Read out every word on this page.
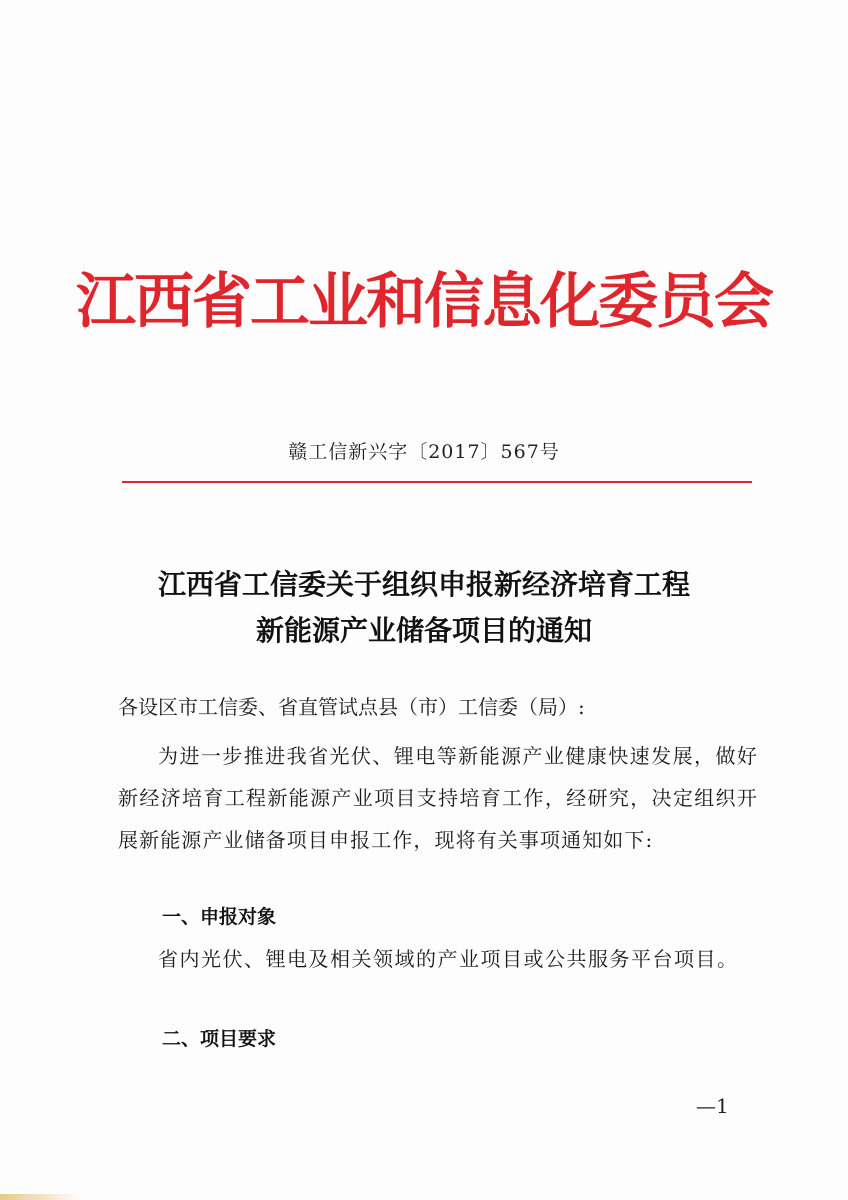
江西省工业和信息化委员会
赣工信新兴字〔2017〕567号
江西省工信委关于组织申报新经济培育工程
新能源产业储备项目的通知
各设区市工信委、省直管试点县（市）工信委（局）:
为进一步推进我省光伏、锂电等新能源产业健康快速发展，做好新经济培育工程新能源产业项目支持培育工作，经研究，决定组织开展新能源产业储备项目申报工作，现将有关事项通知如下:
一、申报对象
省内光伏、锂电及相关领域的产业项目或公共服务平台项目。
二、项目要求
—1
